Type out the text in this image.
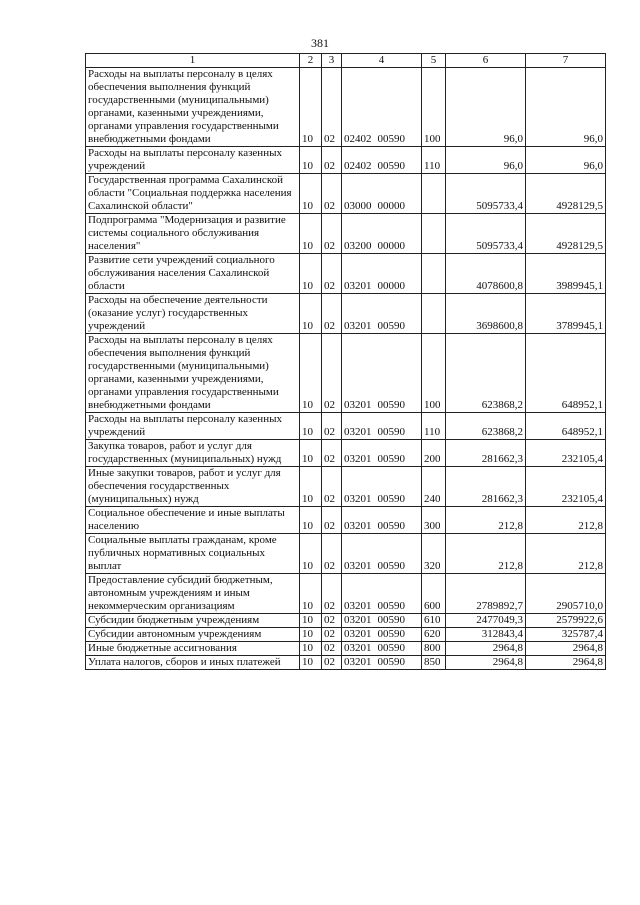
381
1	2	3	4	5	6	7
Расходы на выплаты персоналу в целях обеспечения выполнения функций государственными (муниципальными) органами, казенными учреждениями, органами управления государственными внебюджетными фондами	10	02	02402 00590	100	96,0	96,0
Расходы на выплаты персоналу казенных учреждений	10	02	02402 00590	110	96,0	96,0
Государственная программа Сахалинской области "Социальная поддержка населения Сахалинской области"	10	02	03000 00000		5095733,4	4928129,5
Подпрограмма "Модернизация и развитие системы социального обслуживания населения"	10	02	03200 00000		5095733,4	4928129,5
Развитие сети учреждений социального обслуживания населения Сахалинской области	10	02	03201 00000		4078600,8	3989945,1
Расходы на обеспечение деятельности (оказание услуг) государственных учреждений	10	02	03201 00590		3698600,8	3789945,1
Расходы на выплаты персоналу в целях обеспечения выполнения функций государственными (муниципальными) органами, казенными учреждениями, органами управления государственными внебюджетными фондами	10	02	03201 00590	100	623868,2	648952,1
Расходы на выплаты персоналу казенных учреждений	10	02	03201 00590	110	623868,2	648952,1
Закупка товаров, работ и услуг для государственных (муниципальных) нужд	10	02	03201 00590	200	281662,3	232105,4
Иные закупки товаров, работ и услуг для обеспечения государственных (муниципальных) нужд	10	02	03201 00590	240	281662,3	232105,4
Социальное обеспечение и иные выплаты населению	10	02	03201 00590	300	212,8	212,8
Социальные выплаты гражданам, кроме публичных нормативных социальных выплат	10	02	03201 00590	320	212,8	212,8
Предоставление субсидий бюджетным, автономным учреждениям и иным некоммерческим организациям	10	02	03201 00590	600	2789892,7	2905710,0
Субсидии бюджетным учреждениям	10	02	03201 00590	610	2477049,3	2579922,6
Субсидии автономным учреждениям	10	02	03201 00590	620	312843,4	325787,4
Иные бюджетные ассигнования	10	02	03201 00590	800	2964,8	2964,8
Уплата налогов, сборов и иных платежей	10	02	03201 00590	850	2964,8	2964,8
